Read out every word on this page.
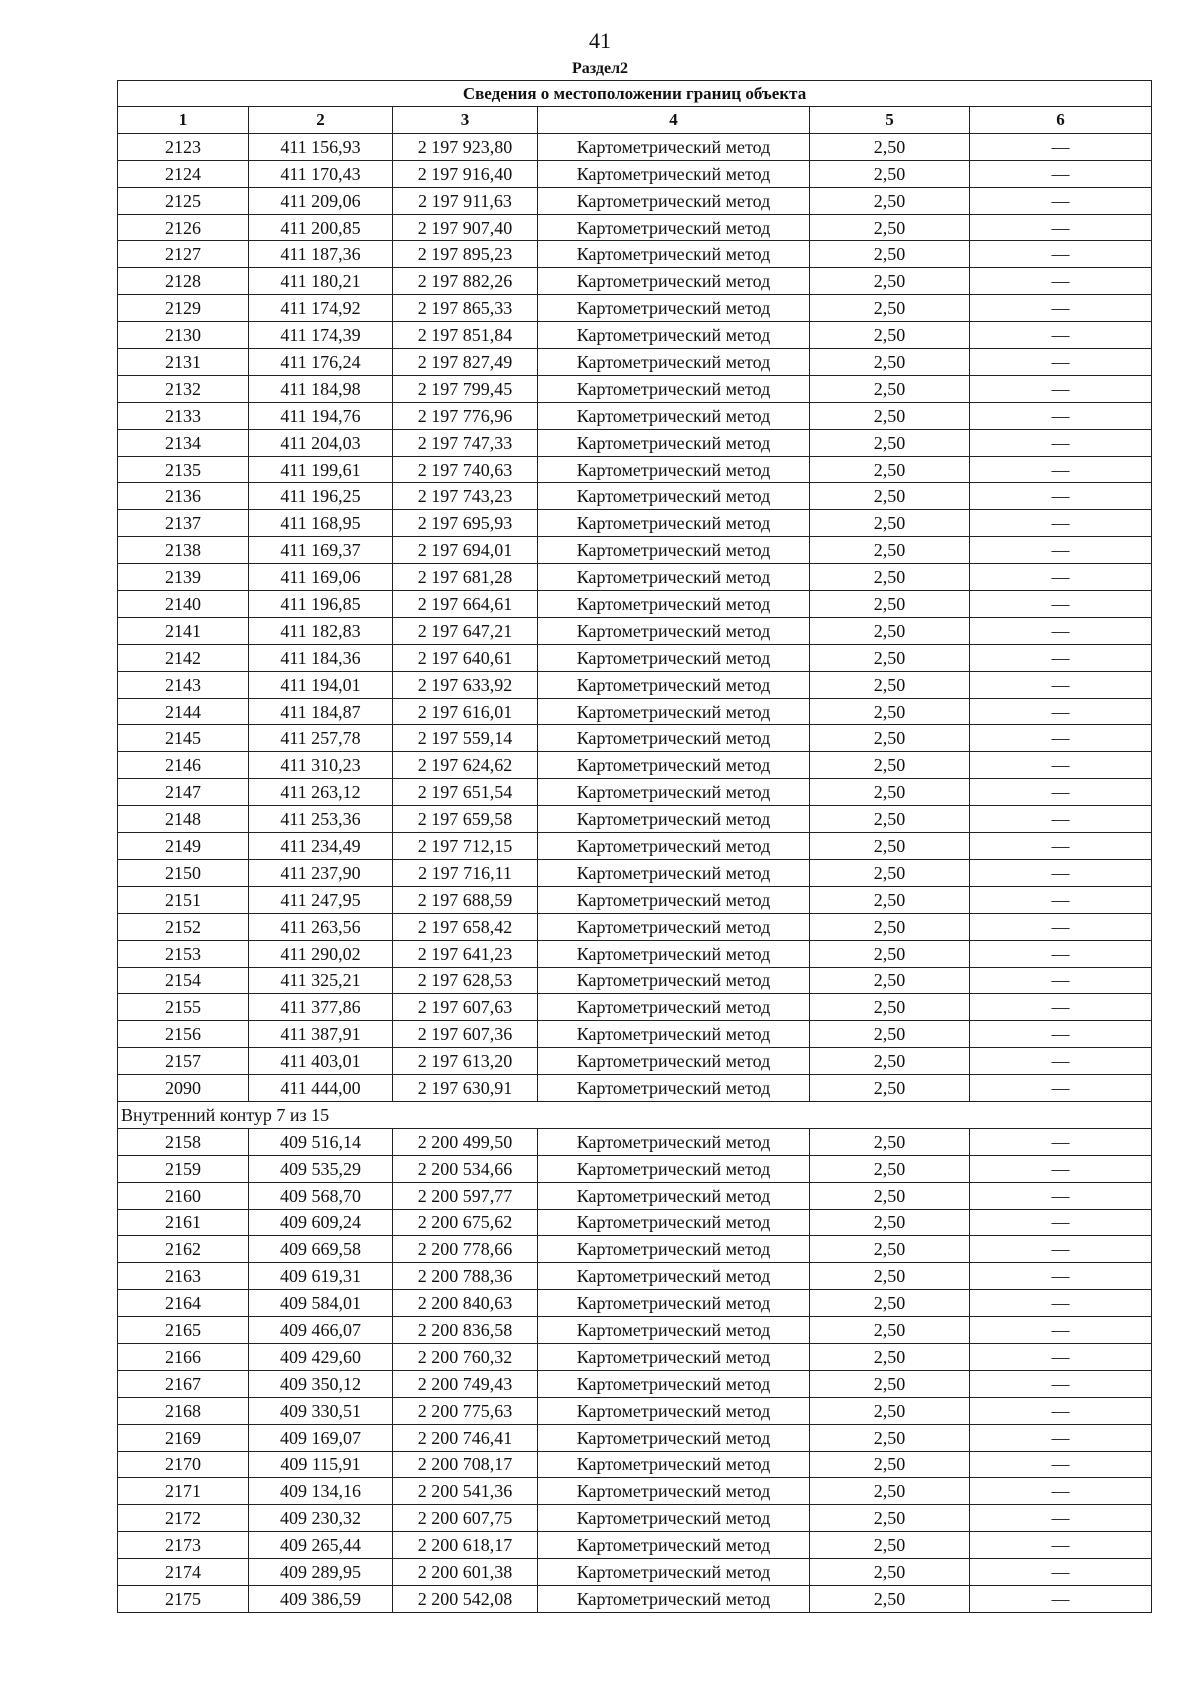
41
Раздел2
Сведения о местоположении границ объекта					
1	2	3	4	5	6
2123	411 156,93	2 197 923,80	Картометрический метод	2,50	—
2124	411 170,43	2 197 916,40	Картометрический метод	2,50	—
2125	411 209,06	2 197 911,63	Картометрический метод	2,50	—
2126	411 200,85	2 197 907,40	Картометрический метод	2,50	—
2127	411 187,36	2 197 895,23	Картометрический метод	2,50	—
2128	411 180,21	2 197 882,26	Картометрический метод	2,50	—
2129	411 174,92	2 197 865,33	Картометрический метод	2,50	—
2130	411 174,39	2 197 851,84	Картометрический метод	2,50	—
2131	411 176,24	2 197 827,49	Картометрический метод	2,50	—
2132	411 184,98	2 197 799,45	Картометрический метод	2,50	—
2133	411 194,76	2 197 776,96	Картометрический метод	2,50	—
2134	411 204,03	2 197 747,33	Картометрический метод	2,50	—
2135	411 199,61	2 197 740,63	Картометрический метод	2,50	—
2136	411 196,25	2 197 743,23	Картометрический метод	2,50	—
2137	411 168,95	2 197 695,93	Картометрический метод	2,50	—
2138	411 169,37	2 197 694,01	Картометрический метод	2,50	—
2139	411 169,06	2 197 681,28	Картометрический метод	2,50	—
2140	411 196,85	2 197 664,61	Картометрический метод	2,50	—
2141	411 182,83	2 197 647,21	Картометрический метод	2,50	—
2142	411 184,36	2 197 640,61	Картометрический метод	2,50	—
2143	411 194,01	2 197 633,92	Картометрический метод	2,50	—
2144	411 184,87	2 197 616,01	Картометрический метод	2,50	—
2145	411 257,78	2 197 559,14	Картометрический метод	2,50	—
2146	411 310,23	2 197 624,62	Картометрический метод	2,50	—
2147	411 263,12	2 197 651,54	Картометрический метод	2,50	—
2148	411 253,36	2 197 659,58	Картометрический метод	2,50	—
2149	411 234,49	2 197 712,15	Картометрический метод	2,50	—
2150	411 237,90	2 197 716,11	Картометрический метод	2,50	—
2151	411 247,95	2 197 688,59	Картометрический метод	2,50	—
2152	411 263,56	2 197 658,42	Картометрический метод	2,50	—
2153	411 290,02	2 197 641,23	Картометрический метод	2,50	—
2154	411 325,21	2 197 628,53	Картометрический метод	2,50	—
2155	411 377,86	2 197 607,63	Картометрический метод	2,50	—
2156	411 387,91	2 197 607,36	Картометрический метод	2,50	—
2157	411 403,01	2 197 613,20	Картометрический метод	2,50	—
2090	411 444,00	2 197 630,91	Картометрический метод	2,50	—
Внутренний контур 7 из 15					
2158	409 516,14	2 200 499,50	Картометрический метод	2,50	—
2159	409 535,29	2 200 534,66	Картометрический метод	2,50	—
2160	409 568,70	2 200 597,77	Картометрический метод	2,50	—
2161	409 609,24	2 200 675,62	Картометрический метод	2,50	—
2162	409 669,58	2 200 778,66	Картометрический метод	2,50	—
2163	409 619,31	2 200 788,36	Картометрический метод	2,50	—
2164	409 584,01	2 200 840,63	Картометрический метод	2,50	—
2165	409 466,07	2 200 836,58	Картометрический метод	2,50	—
2166	409 429,60	2 200 760,32	Картометрический метод	2,50	—
2167	409 350,12	2 200 749,43	Картометрический метод	2,50	—
2168	409 330,51	2 200 775,63	Картометрический метод	2,50	—
2169	409 169,07	2 200 746,41	Картометрический метод	2,50	—
2170	409 115,91	2 200 708,17	Картометрический метод	2,50	—
2171	409 134,16	2 200 541,36	Картометрический метод	2,50	—
2172	409 230,32	2 200 607,75	Картометрический метод	2,50	—
2173	409 265,44	2 200 618,17	Картометрический метод	2,50	—
2174	409 289,95	2 200 601,38	Картометрический метод	2,50	—
2175	409 386,59	2 200 542,08	Картометрический метод	2,50	—
